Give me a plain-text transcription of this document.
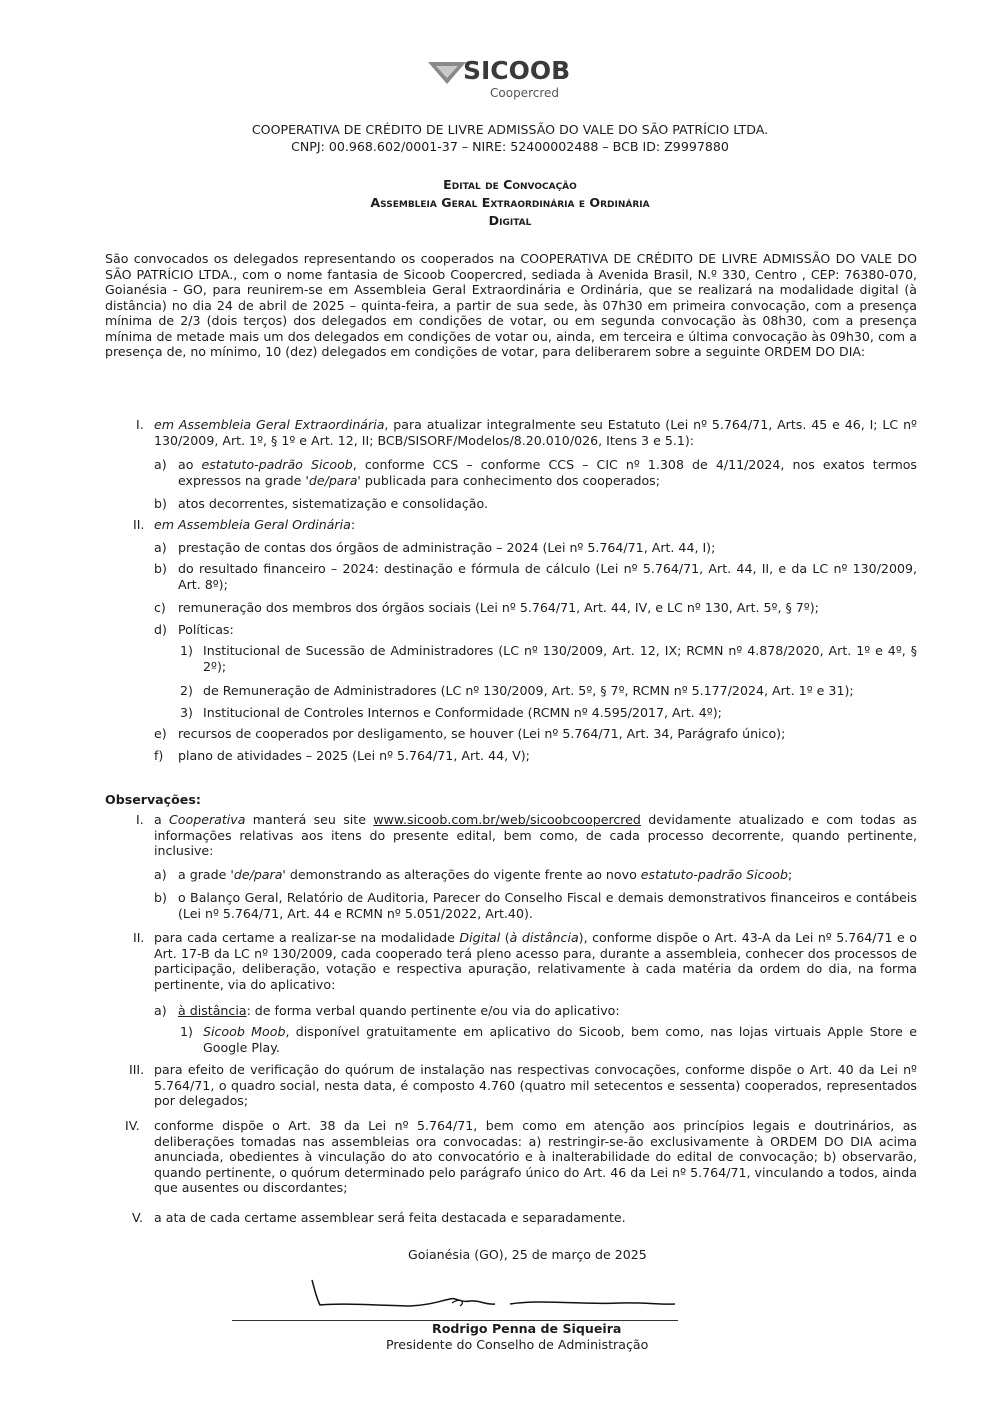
SICOOB
Coopercred
COOPERATIVA DE CRÉDITO DE LIVRE ADMISSÃO DO VALE DO SÃO PATRÍCIO LTDA.
CNPJ: 00.968.602/0001-37 – NIRE: 52400002488 – BCB ID: Z9997880
Edital de Convocação
Assembleia Geral Extraordinária e Ordinária
Digital

São convocados os delegados representando os cooperados na COOPERATIVA DE CRÉDITO DE LIVRE ADMISSÃO DO VALE DO SÃO PATRÍCIO LTDA., com o nome fantasia de Sicoob Coopercred, sediada à Avenida Brasil, N.º 330, Centro , CEP: 76380-070, Goianésia - GO, para reunirem-se em Assembleia Geral Extraordinária e Ordinária, que se realizará na modalidade digital (à distância) no dia 24 de abril de 2025 – quinta-feira, a partir de sua sede, às 07h30 em primeira convocação, com a presença mínima de 2/3 (dois terços) dos delegados em condições de votar, ou em segunda convocação às 08h30, com a presença mínima de metade mais um dos delegados em condições de votar ou, ainda, em terceira e última convocação às 09h30, com a presença de, no mínimo, 10 (dez) delegados em condições de votar, para deliberarem sobre a seguinte ORDEM DO DIA:

I. em Assembleia Geral Extraordinária, para atualizar integralmente seu Estatuto (Lei nº 5.764/71, Arts. 45 e 46, I; LC nº 130/2009, Art. 1º, § 1º e Art. 12, II; BCB/SISORF/Modelos/8.20.010/026, Itens 3 e 5.1):

a) ao estatuto-padrão Sicoob, conforme CCS – conforme CCS – CIC nº 1.308 de 4/11/2024, nos exatos termos expressos na grade 'de/para' publicada para conhecimento dos cooperados;

b) atos decorrentes, sistematização e consolidação.

II. em Assembleia Geral Ordinária:

a) prestação de contas dos órgãos de administração – 2024 (Lei nº 5.764/71, Art. 44, I);

b) do resultado financeiro – 2024: destinação e fórmula de cálculo (Lei nº 5.764/71, Art. 44, II, e da LC nº 130/2009, Art. 8º);

c) remuneração dos membros dos órgãos sociais (Lei nº 5.764/71, Art. 44, IV, e LC nº 130, Art. 5º, § 7º);

d) Políticas:

1) Institucional de Sucessão de Administradores (LC nº 130/2009, Art. 12, IX; RCMN nº 4.878/2020, Art. 1º e 4º, § 2º);

2) de Remuneração de Administradores (LC nº 130/2009, Art. 5º, § 7º, RCMN nº 5.177/2024, Art. 1º e 31);

3) Institucional de Controles Internos e Conformidade (RCMN nº 4.595/2017, Art. 4º);

e) recursos de cooperados por desligamento, se houver (Lei nº 5.764/71, Art. 34, Parágrafo único);

f) plano de atividades – 2025 (Lei nº 5.764/71, Art. 44, V);

Observações:
I. a Cooperativa manterá seu site www.sicoob.com.br/web/sicoobcoopercred devidamente atualizado e com todas as informações relativas aos itens do presente edital, bem como, de cada processo decorrente, quando pertinente, inclusive:

a) a grade 'de/para' demonstrando as alterações do vigente frente ao novo estatuto-padrão Sicoob;

b) o Balanço Geral, Relatório de Auditoria, Parecer do Conselho Fiscal e demais demonstrativos financeiros e contábeis (Lei nº 5.764/71, Art. 44 e RCMN nº 5.051/2022, Art.40).

II. para cada certame a realizar-se na modalidade Digital (à distância), conforme dispõe o Art. 43-A da Lei nº 5.764/71 e o Art. 17-B da LC nº 130/2009, cada cooperado terá pleno acesso para, durante a assembleia, conhecer dos processos de participação, deliberação, votação e respectiva apuração, relativamente à cada matéria da ordem do dia, na forma pertinente, via do aplicativo:

a) à distância: de forma verbal quando pertinente e/ou via do aplicativo:

1) Sicoob Moob, disponível gratuitamente em aplicativo do Sicoob, bem como, nas lojas virtuais Apple Store e Google Play.

III. para efeito de verificação do quórum de instalação nas respectivas convocações, conforme dispõe o Art. 40 da Lei nº 5.764/71, o quadro social, nesta data, é composto 4.760 (quatro mil setecentos e sessenta) cooperados, representados por delegados;

IV. conforme dispõe o Art. 38 da Lei nº 5.764/71, bem como em atenção aos princípios legais e doutrinários, as deliberações tomadas nas assembleias ora convocadas: a) restringir-se-ão exclusivamente à ORDEM DO DIA acima anunciada, obedientes à vinculação do ato convocatório e à inalterabilidade do edital de convocação; b) observarão, quando pertinente, o quórum determinado pelo parágrafo único do Art. 46 da Lei nº 5.764/71, vinculando a todos, ainda que ausentes ou discordantes;

V. a ata de cada certame assemblear será feita destacada e separadamente.

Goianésia (GO), 25 de março de 2025
Rodrigo Penna de Siqueira
Presidente do Conselho de Administração
